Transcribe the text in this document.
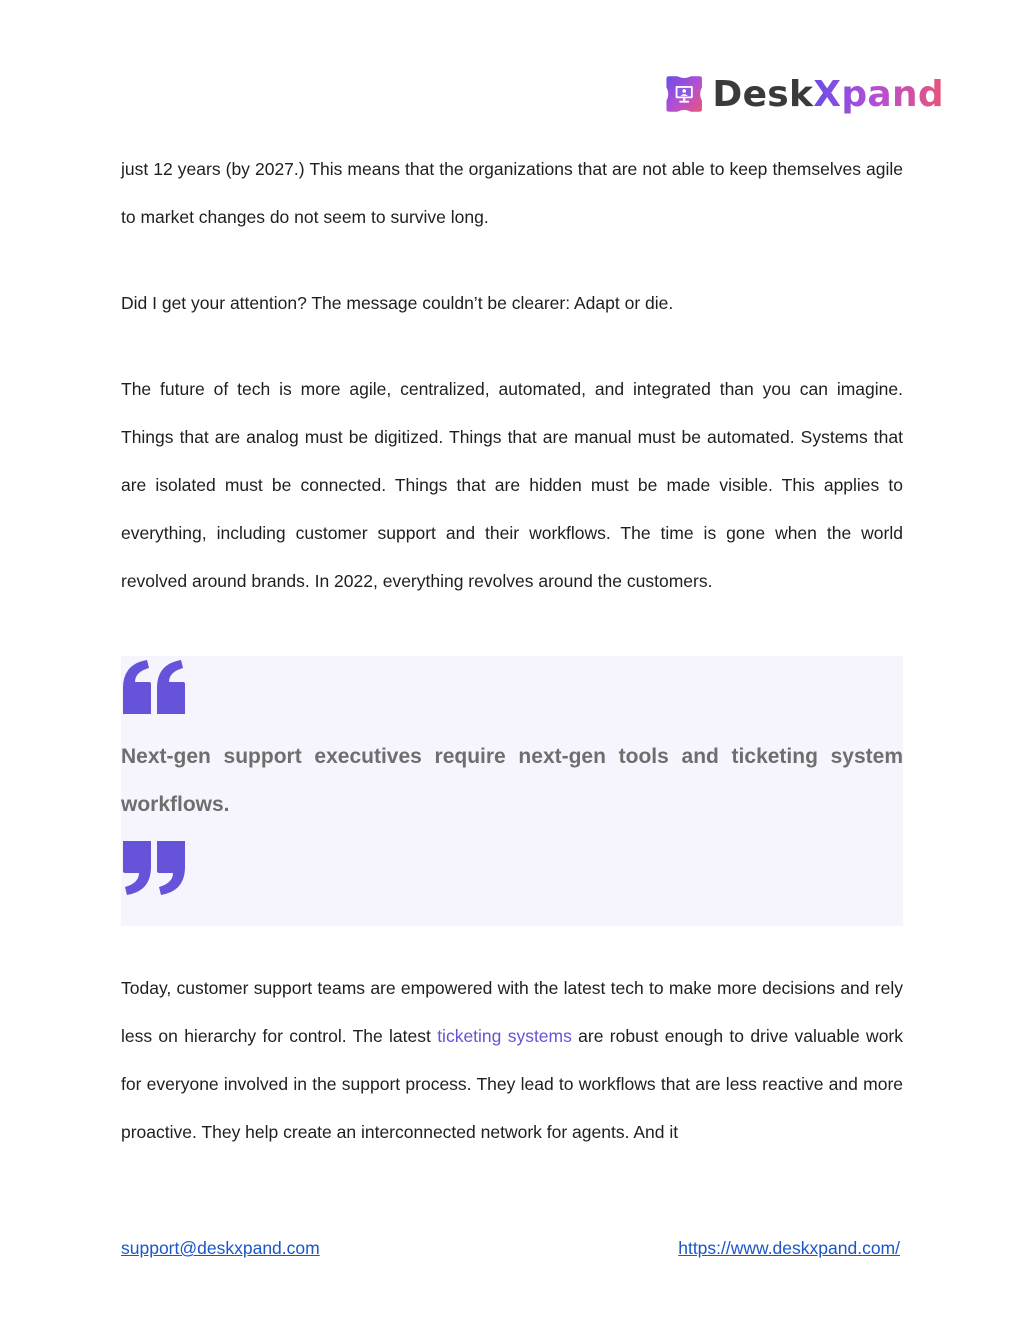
DeskXpand

just 12 years (by 2027.) This means that the organizations that are not able to keep themselves agile to market changes do not seem to survive long.

Did I get your attention? The message couldn’t be clearer: Adapt or die.

The future of tech is more agile, centralized, automated, and integrated than you can imagine. Things that are analog must be digitized. Things that are manual must be automated. Systems that are isolated must be connected. Things that are hidden must be made visible. This applies to everything, including customer support and their workflows. The time is gone when the world revolved around brands. In 2022, everything revolves around the customers.

Next-gen support executives require next-gen tools and ticketing system workflows.

Today, customer support teams are empowered with the latest tech to make more decisions and rely less on hierarchy for control. The latest ticketing systems are robust enough to drive valuable work for everyone involved in the support process. They lead to workflows that are less reactive and more proactive. They help create an interconnected network for agents. And it

support@deskxpand.com	https://www.deskxpand.com/
